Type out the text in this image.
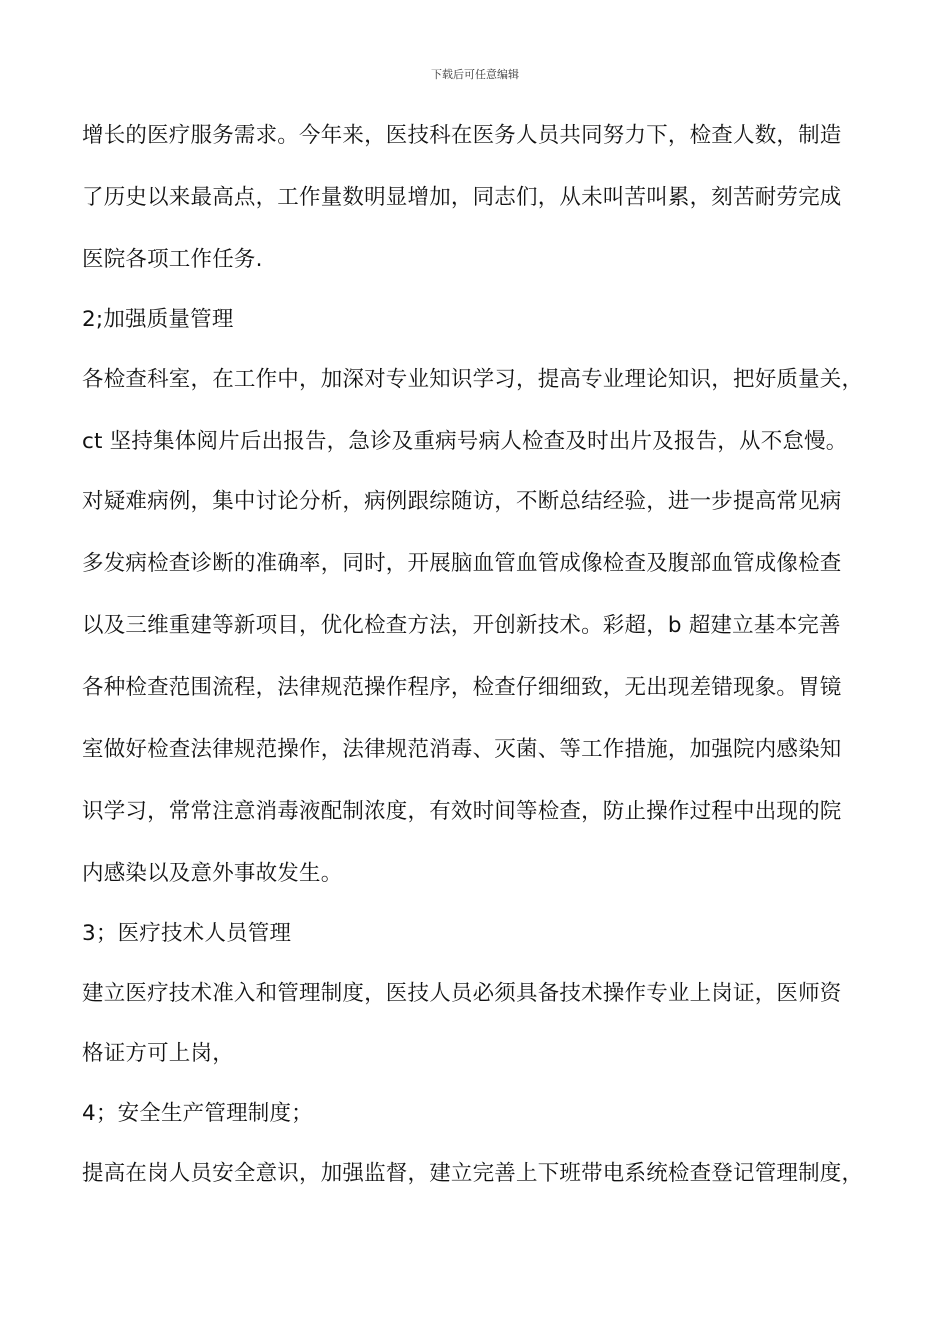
下载后可任意编辑
增长的医疗服务需求。今年来，医技科在医务人员共同努力下，检查人数，制造
了历史以来最高点，工作量数明显增加，同志们，从未叫苦叫累，刻苦耐劳完成
医院各项工作任务.
2;加强质量管理
各检查科室，在工作中，加深对专业知识学习，提高专业理论知识，把好质量关，
ct 坚持集体阅片后出报告，急诊及重病号病人检查及时出片及报告，从不怠慢。
对疑难病例，集中讨论分析，病例跟综随访，不断总结经验，进一步提高常见病
多发病检查诊断的准确率，同时，开展脑血管血管成像检查及腹部血管成像检查
以及三维重建等新项目，优化检查方法，开创新技术。彩超，b 超建立基本完善
各种检查范围流程，法律规范操作程序，检查仔细细致，无出现差错现象。胃镜
室做好检查法律规范操作，法律规范消毒、灭菌、等工作措施，加强院内感染知
识学习，常常注意消毒液配制浓度，有效时间等检查，防止操作过程中出现的院
内感染以及意外事故发生。
3；医疗技术人员管理
建立医疗技术准入和管理制度，医技人员必须具备技术操作专业上岗证，医师资
格证方可上岗，
4；安全生产管理制度；
提高在岗人员安全意识，加强监督，建立完善上下班带电系统检查登记管理制度，
